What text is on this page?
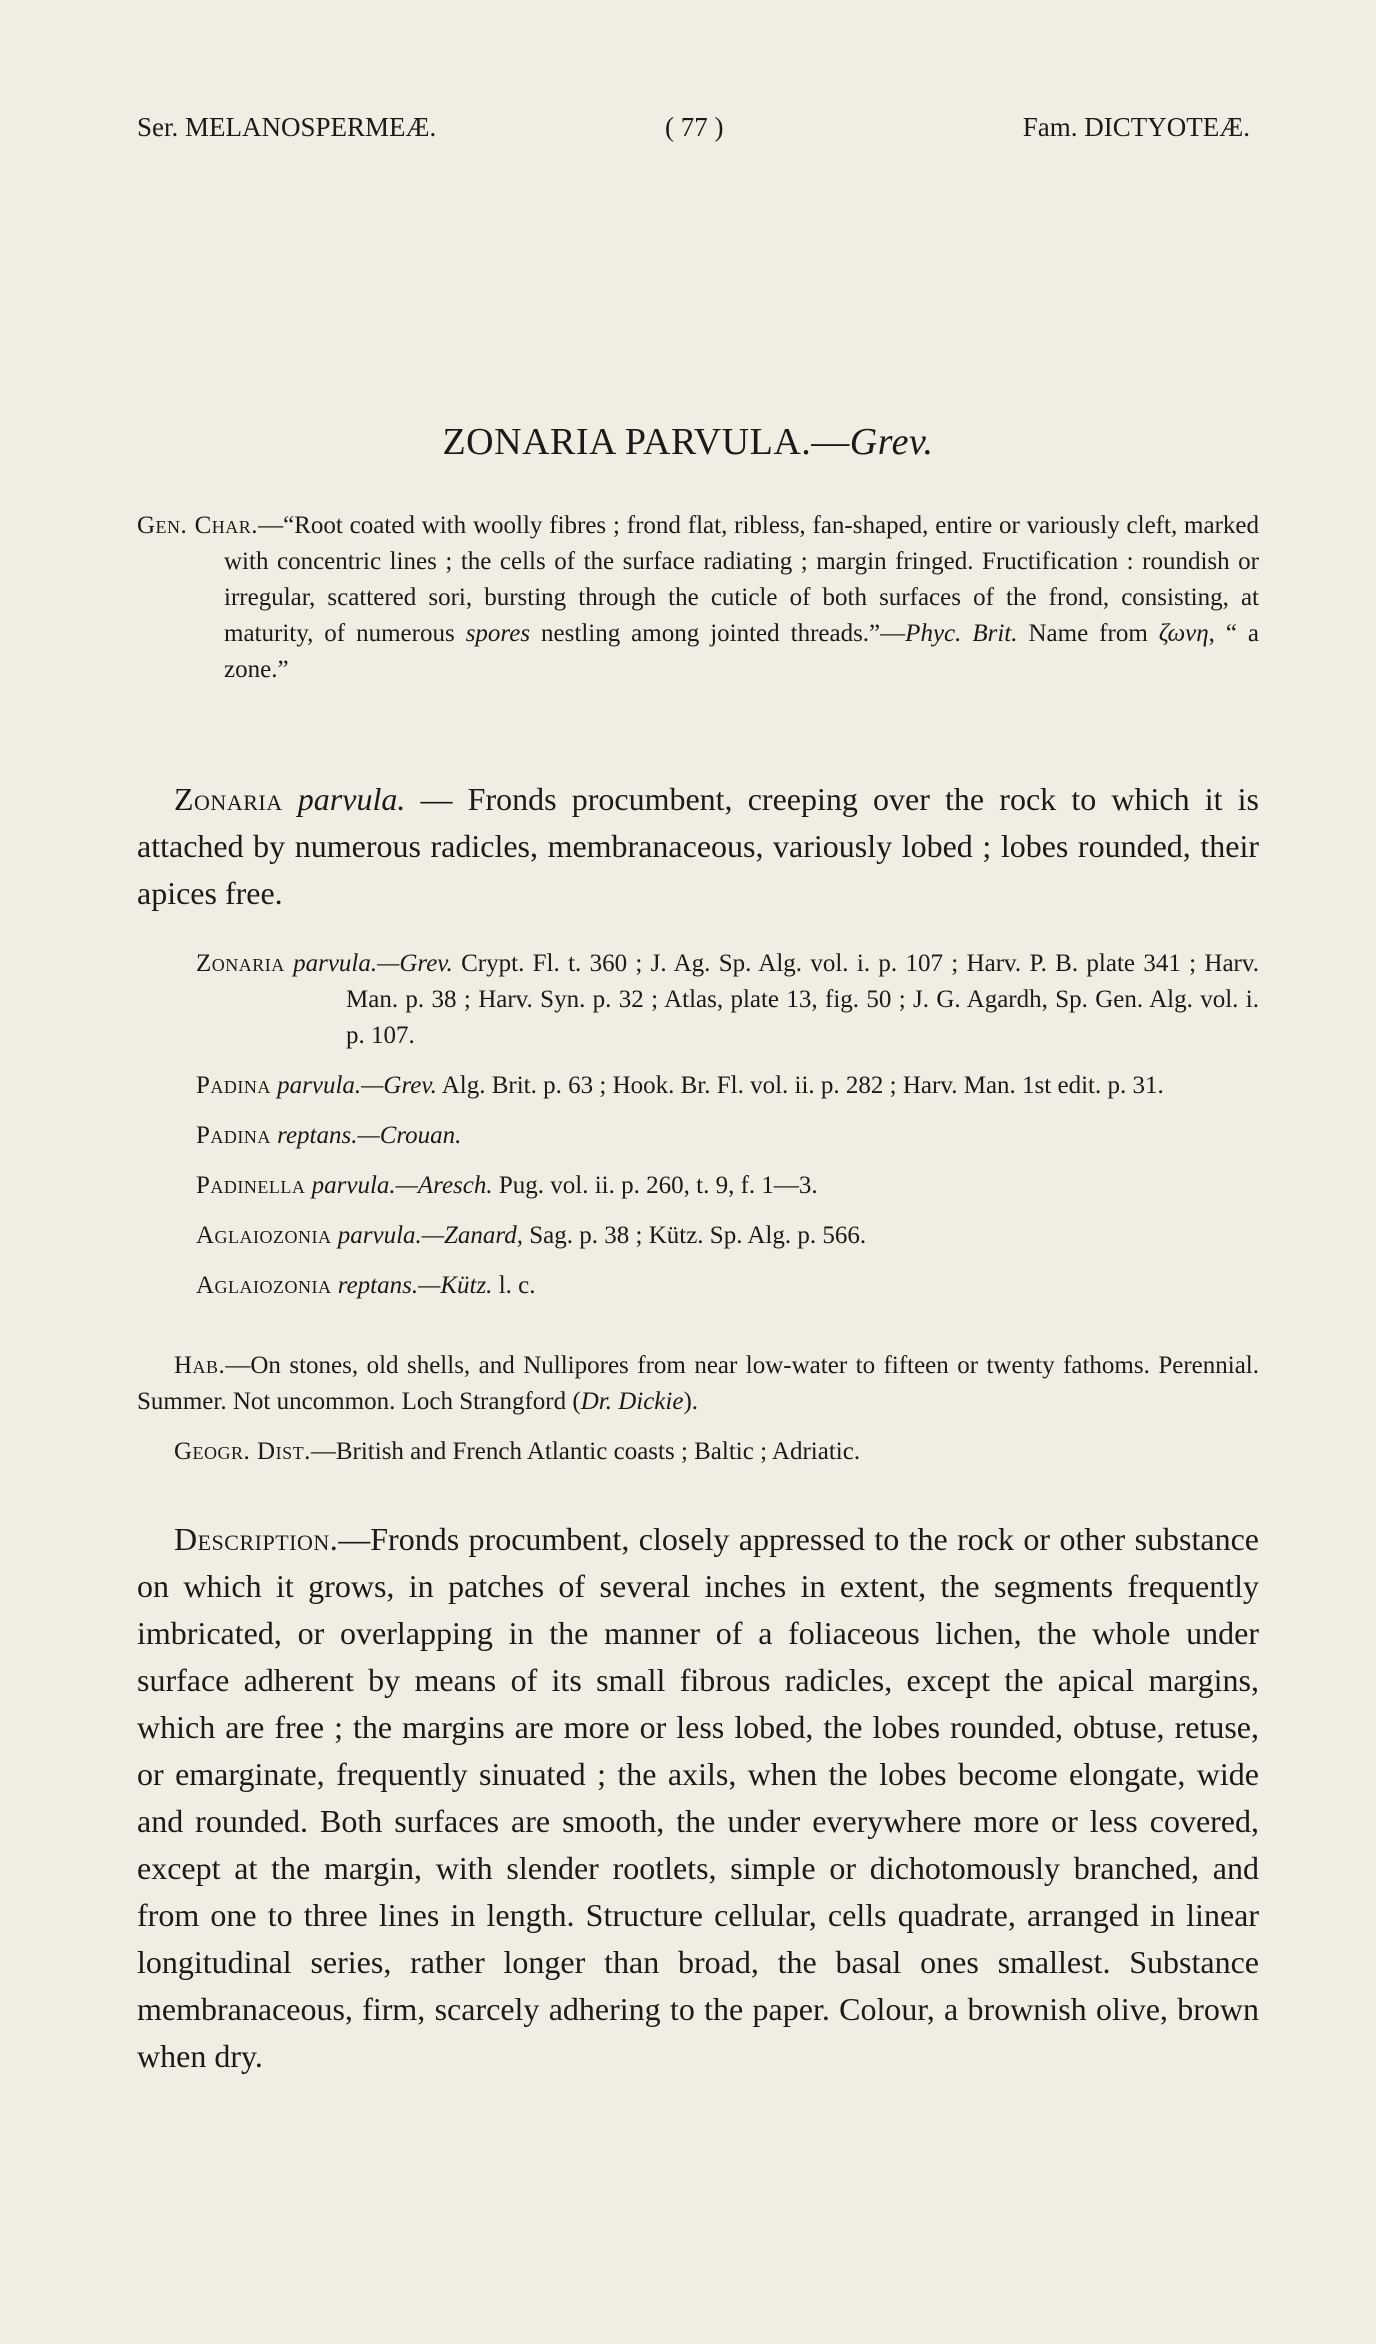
Ser. MELANOSPERMEÆ.	( 77 )	Fam. DICTYOTEÆ.
ZONARIA PARVULA.—Grev.
Gen. Char.—“Root coated with woolly fibres ; frond flat, ribless, fan-shaped, entire or variously cleft, marked with concentric lines ; the cells of the surface radiating ; margin fringed. Fructification : roundish or irregular, scattered sori, bursting through the cuticle of both surfaces of the frond, consisting, at maturity, of numerous spores nestling among jointed threads.”—Phyc. Brit. Name from ζωνη, “ a zone.”
Zonaria parvula. — Fronds procumbent, creeping over the rock to which it is attached by numerous radicles, membranaceous, variously lobed ; lobes rounded, their apices free.
Zonaria parvula.—Grev. Crypt. Fl. t. 360 ; J. Ag. Sp. Alg. vol. i. p. 107 ; Harv. P. B. plate 341 ; Harv. Man. p. 38 ; Harv. Syn. p. 32 ; Atlas, plate 13, fig. 50 ; J. G. Agardh, Sp. Gen. Alg. vol. i. p. 107.
Padina parvula.—Grev. Alg. Brit. p. 63 ; Hook. Br. Fl. vol. ii. p. 282 ; Harv. Man. 1st edit. p. 31.
Padina reptans.—Crouan.
Padinella parvula.—Aresch. Pug. vol. ii. p. 260, t. 9, f. 1—3.
Aglaiozonia parvula.—Zanard, Sag. p. 38 ; Kütz. Sp. Alg. p. 566.
Aglaiozonia reptans.—Kütz. l. c.
Hab.—On stones, old shells, and Nullipores from near low-water to fifteen or twenty fathoms. Perennial. Summer. Not uncommon. Loch Strangford (Dr. Dickie).
Geogr. Dist.—British and French Atlantic coasts ; Baltic ; Adriatic.
Description.—Fronds procumbent, closely appressed to the rock or other substance on which it grows, in patches of several inches in extent, the segments frequently imbricated, or overlapping in the manner of a foliaceous lichen, the whole under surface adherent by means of its small fibrous radicles, except the apical margins, which are free ; the margins are more or less lobed, the lobes rounded, obtuse, retuse, or emarginate, frequently sinuated ; the axils, when the lobes become elongate, wide and rounded. Both surfaces are smooth, the under everywhere more or less covered, except at the margin, with slender rootlets, simple or dichotomously branched, and from one to three lines in length. Structure cellular, cells quadrate, arranged in linear longitudinal series, rather longer than broad, the basal ones smallest. Substance membranaceous, firm, scarcely adhering to the paper. Colour, a brownish olive, brown when dry.
